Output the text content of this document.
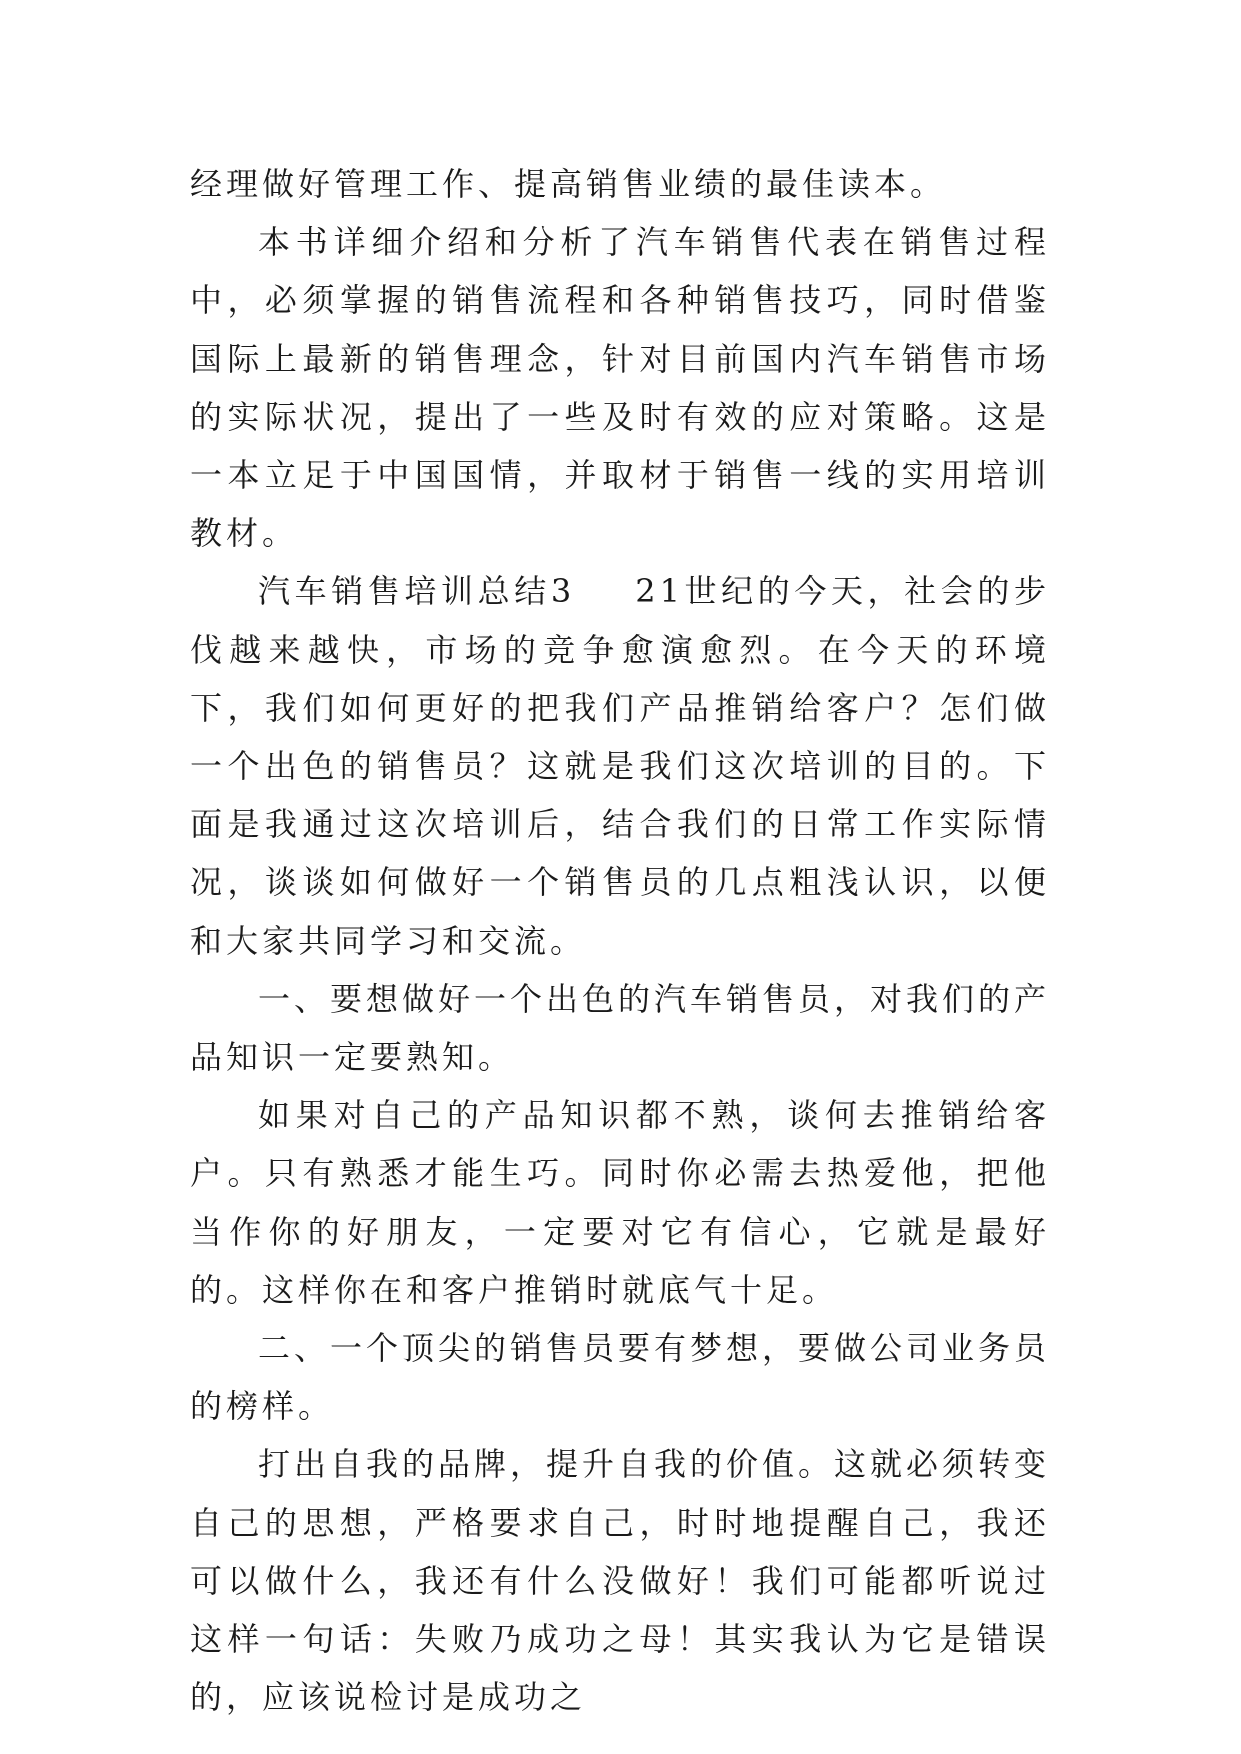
经理做好管理工作、提高销售业绩的最佳读本。

本书详细介绍和分析了汽车销售代表在销售过程中，必须掌握的销售流程和各种销售技巧，同时借鉴国际上最新的销售理念，针对目前国内汽车销售市场的实际状况，提出了一些及时有效的应对策略。这是一本立足于中国国情，并取材于销售一线的实用培训教材。

汽车销售培训总结3 21世纪的今天，社会的步伐越来越快，市场的竞争愈演愈烈。在今天的环境下，我们如何更好的把我们产品推销给客户？怎们做一个出色的销售员？这就是我们这次培训的目的。下面是我通过这次培训后，结合我们的日常工作实际情况，谈谈如何做好一个销售员的几点粗浅认识，以便和大家共同学习和交流。

一、要想做好一个出色的汽车销售员，对我们的产品知识一定要熟知。

如果对自己的产品知识都不熟，谈何去推销给客户。只有熟悉才能生巧。同时你必需去热爱他，把他当作你的好朋友，一定要对它有信心，它就是最好的。这样你在和客户推销时就底气十足。

二、一个顶尖的销售员要有梦想，要做公司业务员的榜样。

打出自我的品牌，提升自我的价值。这就必须转变自己的思想，严格要求自己，时时地提醒自己，我还可以做什么，我还有什么没做好！我们可能都听说过这样一句话：失败乃成功之母！其实我认为它是错误的，应该说检讨是成功之
